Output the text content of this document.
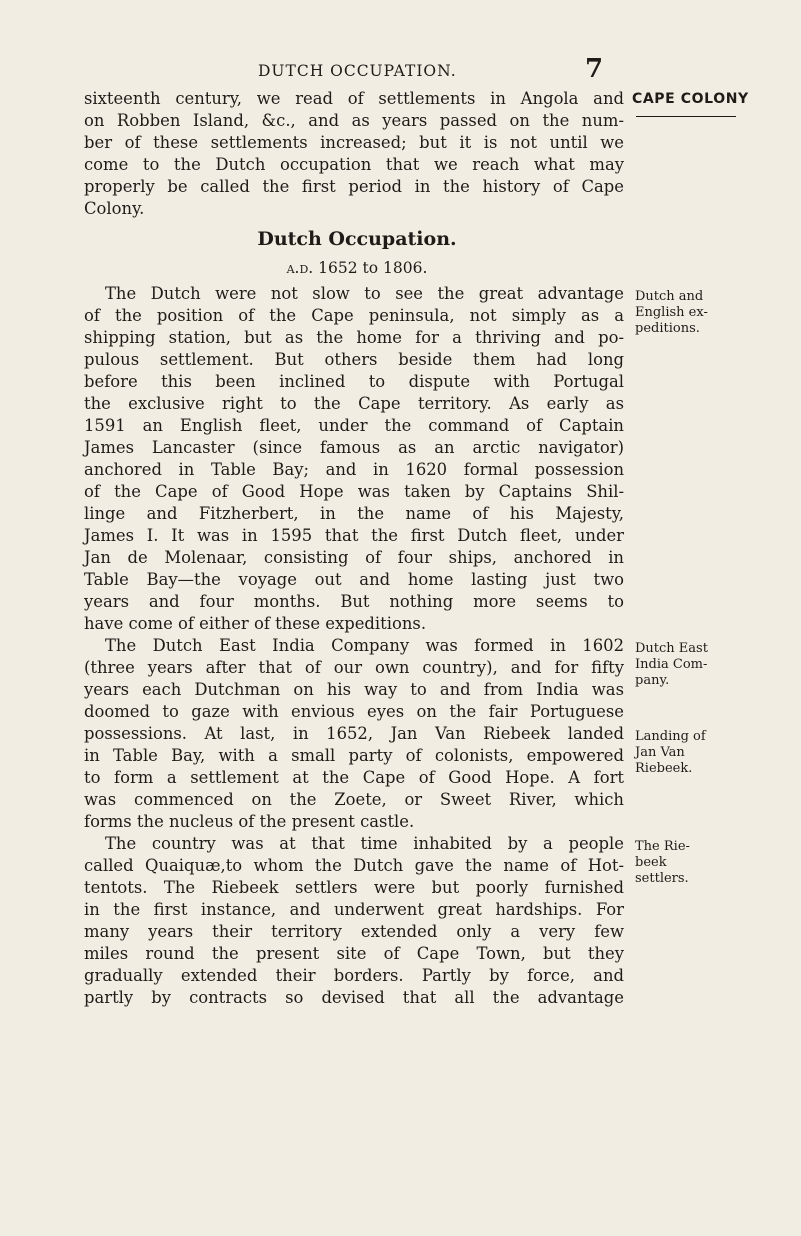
DUTCH OCCUPATION.	7
CAPE COLONY
sixteenth century, we read of settlements in Angola and
on Robben Island, &c., and as years passed on the num-
ber of these settlements increased; but it is not until we
come to the Dutch occupation that we reach what may
properly be called the first period in the history of Cape
Colony.
Dutch Occupation.
a.d. 1652 to 1806.
The Dutch were not slow to see the great advantage
of the position of the Cape peninsula, not simply as a
shipping station, but as the home for a thriving and po-
pulous settlement. But others beside them had long
before this been inclined to dispute with Portugal
the exclusive right to the Cape territory. As early as
1591 an English fleet, under the command of Captain
James Lancaster (since famous as an arctic navigator)
anchored in Table Bay; and in 1620 formal possession
of the Cape of Good Hope was taken by Captains Shil-
linge and Fitzherbert, in the name of his Majesty,
James I. It was in 1595 that the first Dutch fleet, under
Jan de Molenaar, consisting of four ships, anchored in
Table Bay—the voyage out and home lasting just two
years and four months. But nothing more seems to
have come of either of these expeditions.
The Dutch East India Company was formed in 1602
(three years after that of our own country), and for fifty
years each Dutchman on his way to and from India was
doomed to gaze with envious eyes on the fair Portuguese
possessions. At last, in 1652, Jan Van Riebeek landed
in Table Bay, with a small party of colonists, empowered
to form a settlement at the Cape of Good Hope. A fort
was commenced on the Zoete, or Sweet River, which
forms the nucleus of the present castle.
The country was at that time inhabited by a people
called Quaiquæ,to whom the Dutch gave the name of Hot-
tentots. The Riebeek settlers were but poorly furnished
in the first instance, and underwent great hardships. For
many years their territory extended only a very few
miles round the present site of Cape Town, but they
gradually extended their borders. Partly by force, and
partly by contracts so devised that all the advantage
Dutch and
English ex-
peditions.
Dutch East
India Com-
pany.
Landing of
Jan Van
Riebeek.
The Rie-
beek
settlers.
